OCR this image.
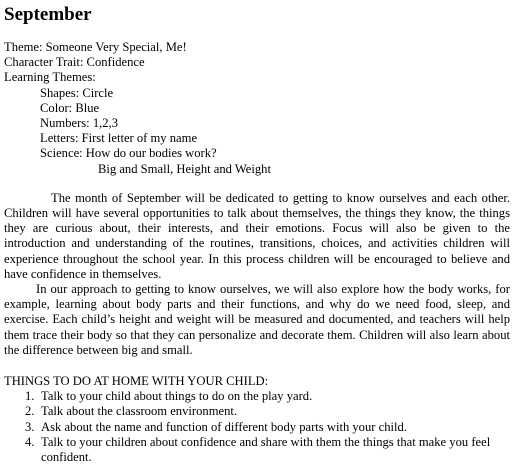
September
Theme: Someone Very Special, Me!
Character Trait: Confidence
Learning Themes:
Shapes: Circle
Color: Blue
Numbers: 1,2,3
Letters: First letter of my name
Science: How do our bodies work?
Big and Small, Height and Weight

The month of September will be dedicated to getting to know ourselves and each other. Children will have several opportunities to talk about themselves, the things they know, the things they are curious about, their interests, and their emotions. Focus will also be given to the introduction and understanding of the routines, transitions, choices, and activities children will experience throughout the school year. In this process children will be encouraged to believe and have confidence in themselves.

In our approach to getting to know ourselves, we will also explore how the body works, for example, learning about body parts and their functions, and why do we need food, sleep, and exercise. Each child’s height and weight will be measured and documented, and teachers will help them trace their body so that they can personalize and decorate them. Children will also learn about the difference between big and small.

THINGS TO DO AT HOME WITH YOUR CHILD:
1. Talk to your child about things to do on the play yard.
2. Talk about the classroom environment.
3. Ask about the name and function of different body parts with your child.
4. Talk to your children about confidence and share with them the things that make you feel confident.
